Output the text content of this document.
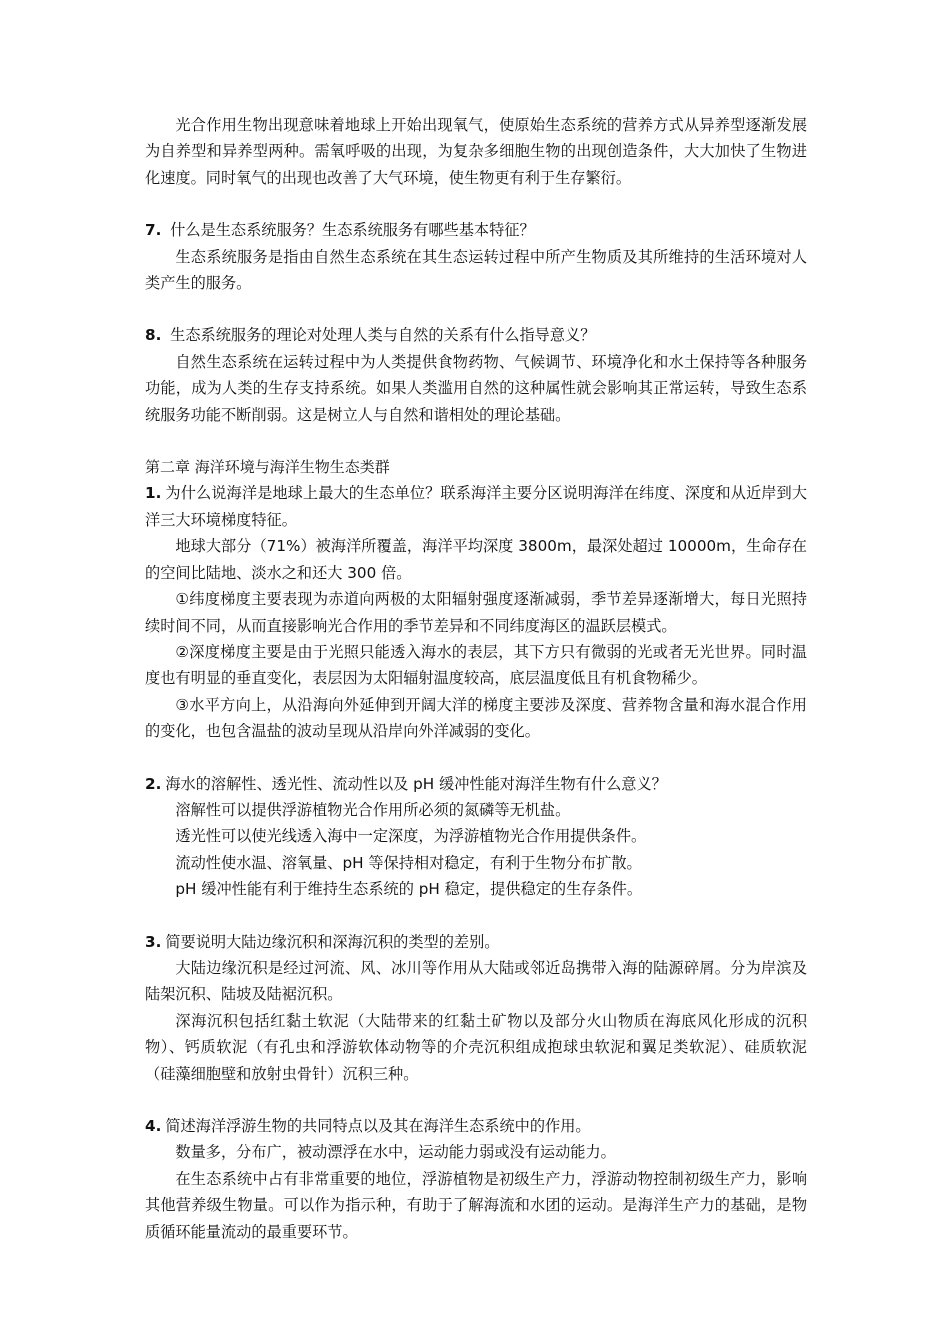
光合作用生物出现意味着地球上开始出现氧气，使原始生态系统的营养方式从异养型逐渐发展为自养型和异养型两种。需氧呼吸的出现，为复杂多细胞生物的出现创造条件，大大加快了生物进化速度。同时氧气的出现也改善了大气环境，使生物更有利于生存繁衍。

7. 什么是生态系统服务？生态系统服务有哪些基本特征？

生态系统服务是指由自然生态系统在其生态运转过程中所产生物质及其所维持的生活环境对人类产生的服务。

8. 生态系统服务的理论对处理人类与自然的关系有什么指导意义？

自然生态系统在运转过程中为人类提供食物药物、气候调节、环境净化和水土保持等各种服务功能，成为人类的生存支持系统。如果人类滥用自然的这种属性就会影响其正常运转，导致生态系统服务功能不断削弱。这是树立人与自然和谐相处的理论基础。

第二章 海洋环境与海洋生物生态类群

1. 为什么说海洋是地球上最大的生态单位？联系海洋主要分区说明海洋在纬度、深度和从近岸到大洋三大环境梯度特征。

地球大部分（71%）被海洋所覆盖，海洋平均深度 3800m，最深处超过 10000m，生命存在的空间比陆地、淡水之和还大 300 倍。

①纬度梯度主要表现为赤道向两极的太阳辐射强度逐渐减弱，季节差异逐渐增大，每日光照持续时间不同，从而直接影响光合作用的季节差异和不同纬度海区的温跃层模式。

②深度梯度主要是由于光照只能透入海水的表层，其下方只有微弱的光或者无光世界。同时温度也有明显的垂直变化，表层因为太阳辐射温度较高，底层温度低且有机食物稀少。

③水平方向上，从沿海向外延伸到开阔大洋的梯度主要涉及深度、营养物含量和海水混合作用的变化，也包含温盐的波动呈现从沿岸向外洋减弱的变化。

2. 海水的溶解性、透光性、流动性以及 pH 缓冲性能对海洋生物有什么意义？

溶解性可以提供浮游植物光合作用所必须的氮磷等无机盐。

透光性可以使光线透入海中一定深度，为浮游植物光合作用提供条件。

流动性使水温、溶氧量、pH 等保持相对稳定，有利于生物分布扩散。

pH 缓冲性能有利于维持生态系统的 pH 稳定，提供稳定的生存条件。

3. 简要说明大陆边缘沉积和深海沉积的类型的差别。

大陆边缘沉积是经过河流、风、冰川等作用从大陆或邻近岛携带入海的陆源碎屑。分为岸滨及陆架沉积、陆坡及陆裾沉积。

深海沉积包括红黏土软泥（大陆带来的红黏土矿物以及部分火山物质在海底风化形成的沉积物）、钙质软泥（有孔虫和浮游软体动物等的介壳沉积组成抱球虫软泥和翼足类软泥）、硅质软泥（硅藻细胞壁和放射虫骨针）沉积三种。

4. 简述海洋浮游生物的共同特点以及其在海洋生态系统中的作用。

数量多，分布广，被动漂浮在水中，运动能力弱或没有运动能力。

在生态系统中占有非常重要的地位，浮游植物是初级生产力，浮游动物控制初级生产力，影响其他营养级生物量。可以作为指示种，有助于了解海流和水团的运动。是海洋生产力的基础，是物质循环能量流动的最重要环节。
